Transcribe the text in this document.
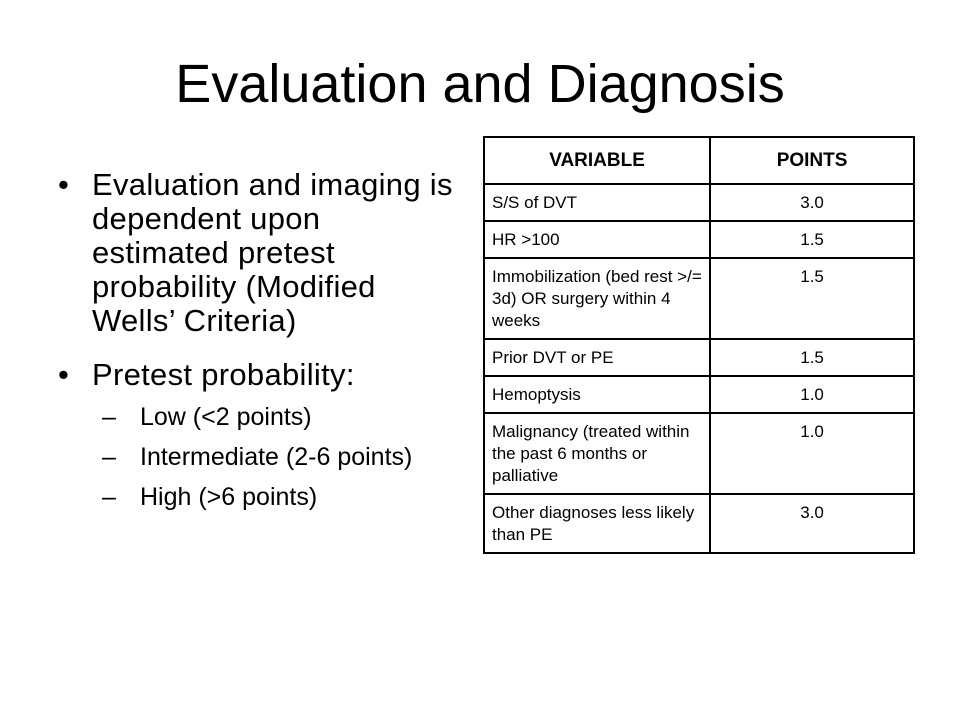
Evaluation and Diagnosis
• Evaluation and imaging is dependent upon estimated pretest probability (Modified Wells’ Criteria)
• Pretest probability:
– Low (<2 points)
– Intermediate (2-6 points)
– High (>6 points)
VARIABLE	POINTS
S/S of DVT	3.0
HR >100	1.5
Immobilization (bed rest >/= 3d) OR surgery within 4 weeks	1.5
Prior DVT or PE	1.5
Hemoptysis	1.0
Malignancy (treated within the past 6 months or palliative	1.0
Other diagnoses less likely than PE	3.0
